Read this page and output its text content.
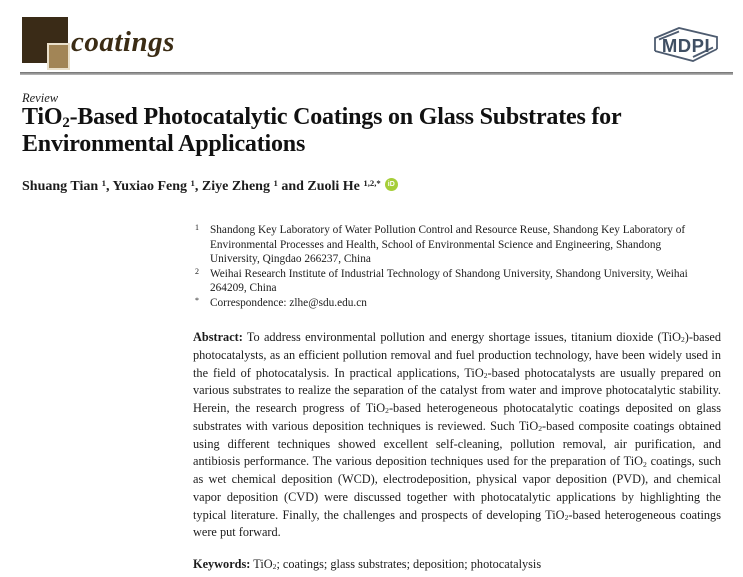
coatings	MDPI
Review
TiO$_2$-Based Photocatalytic Coatings on Glass Substrates for
Environmental Applications
Shuang Tian $^1$, Yuxiao Feng $^1$, Ziye Zheng $^1$ and Zuoli He $^{1,2,*}$ iD
1 Shandong Key Laboratory of Water Pollution Control and Resource Reuse, Shandong Key Laboratory of Environmental Processes and Health, School of Environmental Science and Engineering, Shandong University, Qingdao 266237, China
2 Weihai Research Institute of Industrial Technology of Shandong University, Shandong University, Weihai 264209, China
* Correspondence: zlhe@sdu.edu.cn
Abstract: To address environmental pollution and energy shortage issues, titanium dioxide (TiO$_2$)-based photocatalysts, as an efficient pollution removal and fuel production technology, have been widely used in the field of photocatalysis. In practical applications, TiO$_2$-based photocatalysts are usually prepared on various substrates to realize the separation of the catalyst from water and improve photocatalytic stability. Herein, the research progress of TiO$_2$-based heterogeneous photocatalytic coatings deposited on glass substrates with various deposition techniques is reviewed. Such TiO$_2$-based composite coatings obtained using different techniques showed excellent self-cleaning, pollution removal, air purification, and antibiosis performance. The various deposition techniques used for the preparation of TiO$_2$ coatings, such as wet chemical deposition (WCD), electrodeposition, physical vapor deposition (PVD), and chemical vapor deposition (CVD) were discussed together with photocatalytic applications by highlighting the typical literature. Finally, the challenges and prospects of developing TiO$_2$-based heterogeneous coatings were put forward.
Keywords: TiO$_2$; coatings; glass substrates; deposition; photocatalysis
